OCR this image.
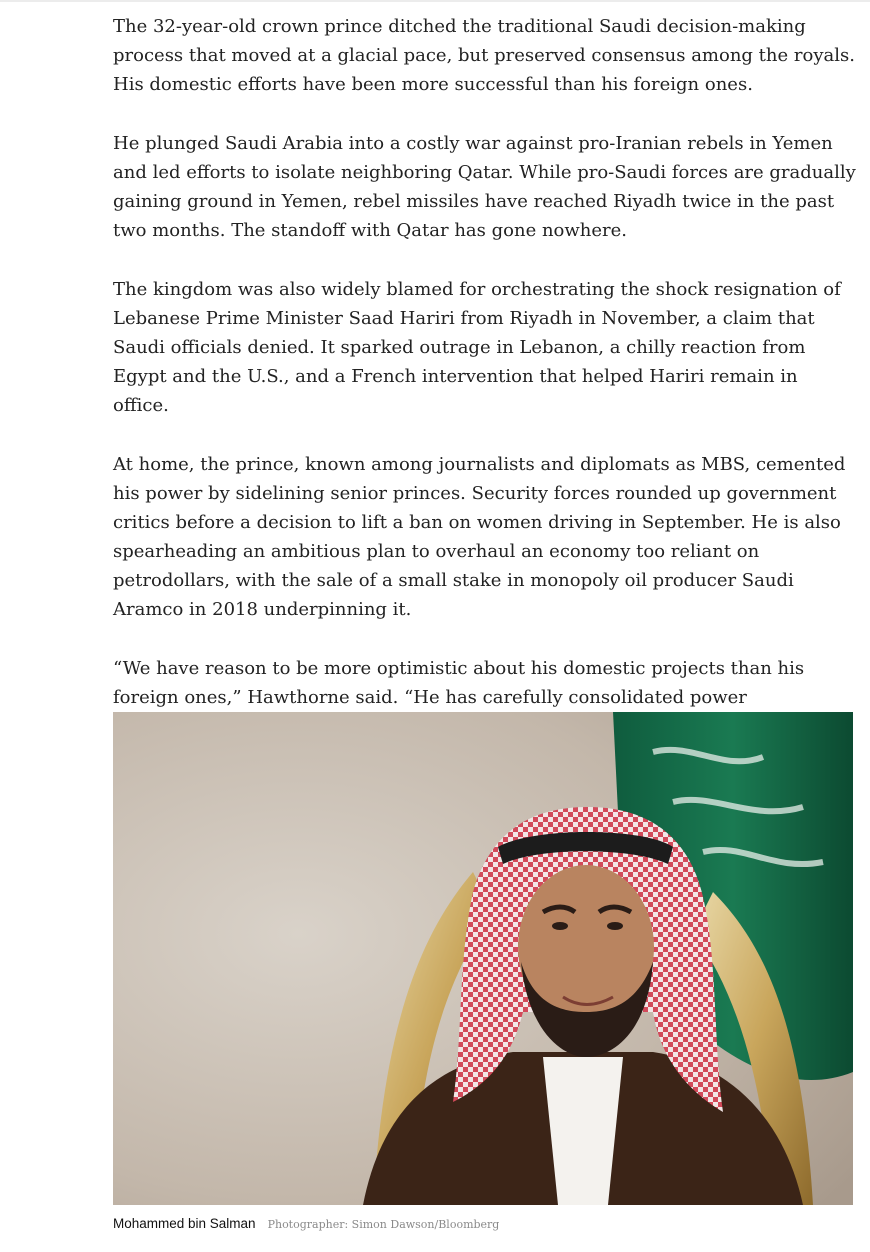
The 32-year-old crown prince ditched the traditional Saudi decision-making process that moved at a glacial pace, but preserved consensus among the royals. His domestic efforts have been more successful than his foreign ones.

He plunged Saudi Arabia into a costly war against pro-Iranian rebels in Yemen and led efforts to isolate neighboring Qatar. While pro-Saudi forces are gradually gaining ground in Yemen, rebel missiles have reached Riyadh twice in the past two months. The standoff with Qatar has gone nowhere.

The kingdom was also widely blamed for orchestrating the shock resignation of Lebanese Prime Minister Saad Hariri from Riyadh in November, a claim that Saudi officials denied. It sparked outrage in Lebanon, a chilly reaction from Egypt and the U.S., and a French intervention that helped Hariri remain in office.

At home, the prince, known among journalists and diplomats as MBS, cemented his power by sidelining senior princes. Security forces rounded up government critics before a decision to lift a ban on women driving in September. He is also spearheading an ambitious plan to overhaul an economy too reliant on petrodollars, with the sale of a small stake in monopoly oil producer Saudi Aramco in 2018 underpinning it.

“We have reason to be more optimistic about his domestic projects than his foreign ones,” Hawthorne said. “He has carefully consolidated power

Mohammed bin Salman Photographer: Simon Dawson/Bloomberg
